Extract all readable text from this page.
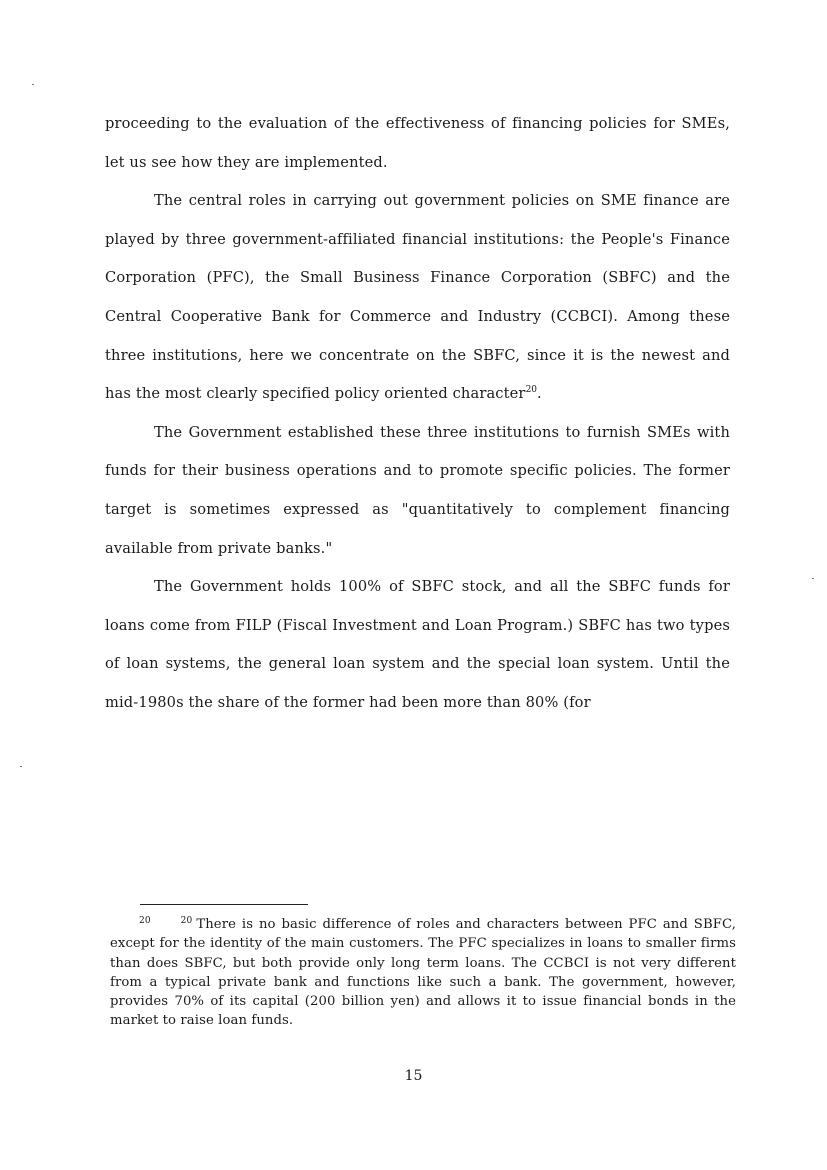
proceeding to the evaluation of the effectiveness of financing policies for SMEs, let us see how they are implemented.

The central roles in carrying out government policies on SME finance are played by three government-affiliated financial institutions: the People's Finance Corporation (PFC), the Small Business Finance Corporation (SBFC) and the Central Cooperative Bank for Commerce and Industry (CCBCI). Among these three institutions, here we concentrate on the SBFC, since it is the newest and has the most clearly specified policy oriented character$^{20}$.

The Government established these three institutions to furnish SMEs with funds for their business operations and to promote specific policies. The former target is sometimes expressed as "quantitatively to complement financing available from private banks."

The Government holds 100% of SBFC stock, and all the SBFC funds for loans come from FILP (Fiscal Investment and Loan Program.) SBFC has two types of loan systems, the general loan system and the special loan system. Until the mid-1980s the share of the former had been more than 80% (for

20	$^{20}$ There is no basic difference of roles and characters between PFC and SBFC, except for the identity of the main customers. The PFC specializes in loans to smaller firms than does SBFC, but both provide only long term loans. The CCBCI is not very different from a typical private bank and functions like such a bank. The government, however, provides 70% of its capital (200 billion yen) and allows it to issue financial bonds in the market to raise loan funds.

15
